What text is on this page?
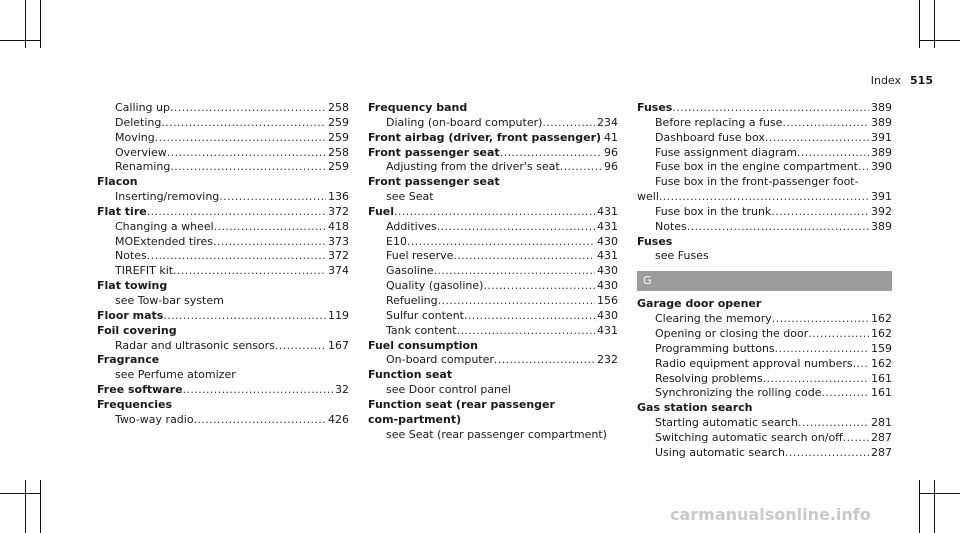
Index 515
Calling up .....	258
Deleting .....	259
Moving .....	259
Overview .....	258
Renaming .....	259
Flacon
Inserting/removing .....	136
Flat tire .....	372
Changing a wheel .....	418
MOExtended tires .....	373
Notes .....	372
TIREFIT kit .....	374
Flat towing
see Tow-bar system
Floor mats .....	119
Foil covering
Radar and ultrasonic sensors .....	167
Fragrance
see Perfume atomizer
Free software .....	32
Frequencies
Two-way radio .....	426
Frequency band
Dialing (on-board computer) .....	234
Front airbag (driver, front passenger) ..... 41
Front passenger seat .....	96
Adjusting from the driver's seat .....	96
Front passenger seat
see Seat
Fuel .....	431
Additives .....	431
E10 .....	430
Fuel reserve .....	431
Gasoline .....	430
Quality (gasoline) .....	430
Refueling .....	156
Sulfur content .....	430
Tank content .....	431
Fuel consumption
On-board computer .....	232
Function seat
see Door control panel
Function seat (rear passenger com-partment)
see Seat (rear passenger compartment)
Fuses .....	389
Before replacing a fuse .....	389
Dashboard fuse box .....	391
Fuse assignment diagram .....	389
Fuse box in the engine compartment ..... 390
Fuse box in the front-passenger foot-
well .....	391
Fuse box in the trunk .....	392
Notes .....	389
Fuses
see Fuses
G
Garage door opener
Clearing the memory .....	162
Opening or closing the door .....	162
Programming buttons .....	159
Radio equipment approval numbers ..... 162
Resolving problems .....	161
Synchronizing the rolling code .....	161
Gas station search
Starting automatic search .....	281
Switching automatic search on/off .....	287
Using automatic search .....	287
carmanualsonline.info
